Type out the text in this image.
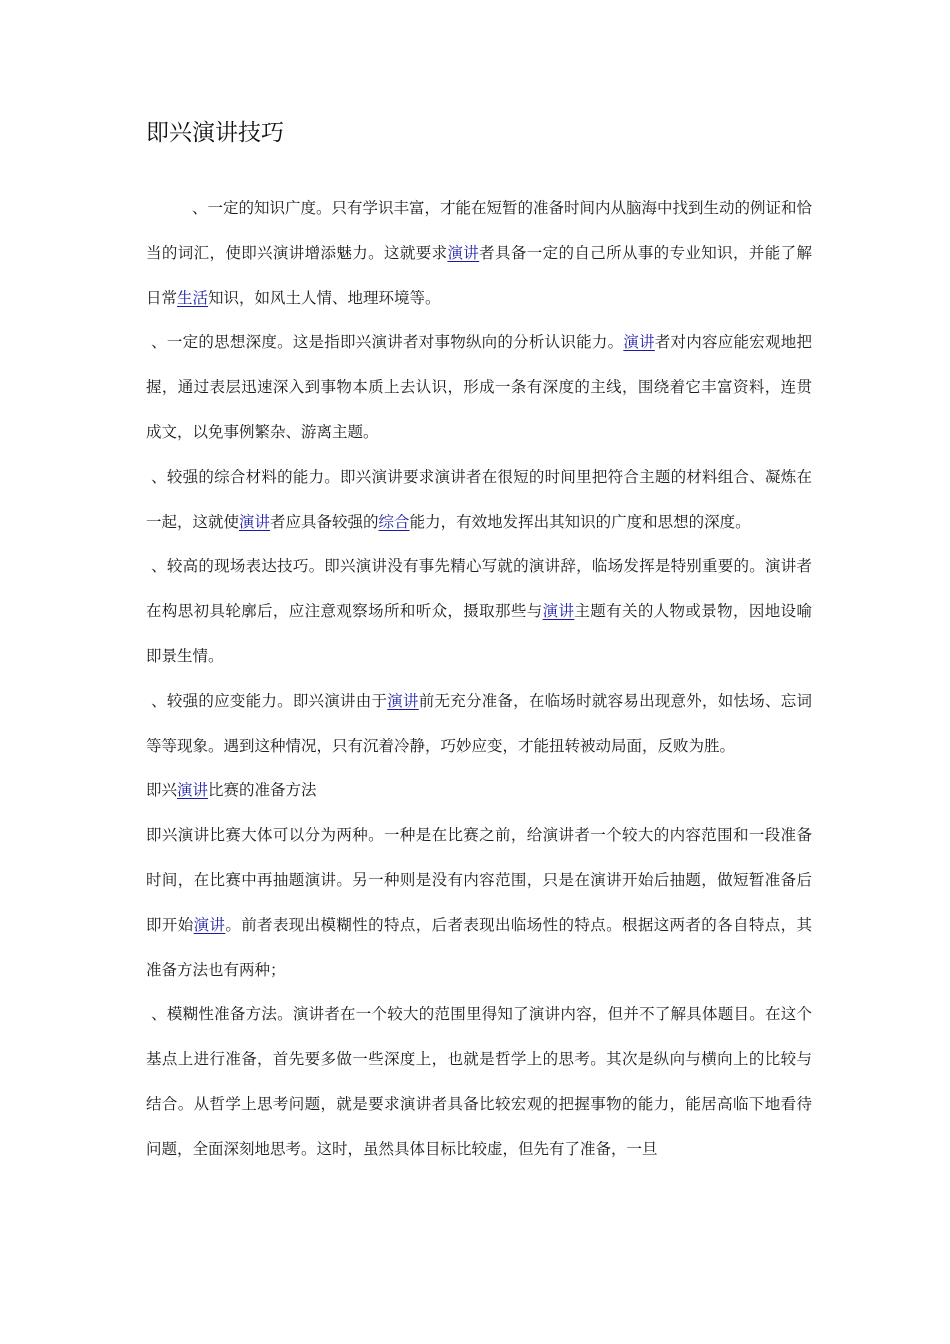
即兴演讲技巧

、一定的知识广度。只有学识丰富，才能在短暂的准备时间内从脑海中找到生动的例证和恰当的词汇，使即兴演讲增添魅力。这就要求演讲者具备一定的自己所从事的专业知识，并能了解日常生活知识，如风土人情、地理环境等。

、一定的思想深度。这是指即兴演讲者对事物纵向的分析认识能力。演讲者对内容应能宏观地把握，通过表层迅速深入到事物本质上去认识，形成一条有深度的主线，围绕着它丰富资料，连贯成文，以免事例繁杂、游离主题。

、较强的综合材料的能力。即兴演讲要求演讲者在很短的时间里把符合主题的材料组合、凝炼在一起，这就使演讲者应具备较强的综合能力，有效地发挥出其知识的广度和思想的深度。

、较高的现场表达技巧。即兴演讲没有事先精心写就的演讲辞，临场发挥是特别重要的。演讲者在构思初具轮廓后，应注意观察场所和听众，摄取那些与演讲主题有关的人物或景物，因地设喻即景生情。

、较强的应变能力。即兴演讲由于演讲前无充分准备，在临场时就容易出现意外，如怯场、忘词等等现象。遇到这种情况，只有沉着冷静，巧妙应变，才能扭转被动局面，反败为胜。

即兴演讲比赛的准备方法

即兴演讲比赛大体可以分为两种。一种是在比赛之前，给演讲者一个较大的内容范围和一段准备时间，在比赛中再抽题演讲。另一种则是没有内容范围，只是在演讲开始后抽题，做短暂准备后即开始演讲。前者表现出模糊性的特点，后者表现出临场性的特点。根据这两者的各自特点，其准备方法也有两种；

、模糊性准备方法。演讲者在一个较大的范围里得知了演讲内容，但并不了解具体题目。在这个基点上进行准备，首先要多做一些深度上，也就是哲学上的思考。其次是纵向与横向上的比较与结合。从哲学上思考问题，就是要求演讲者具备比较宏观的把握事物的能力，能居高临下地看待问题，全面深刻地思考。这时，虽然具体目标比较虚，但先有了准备，一旦
